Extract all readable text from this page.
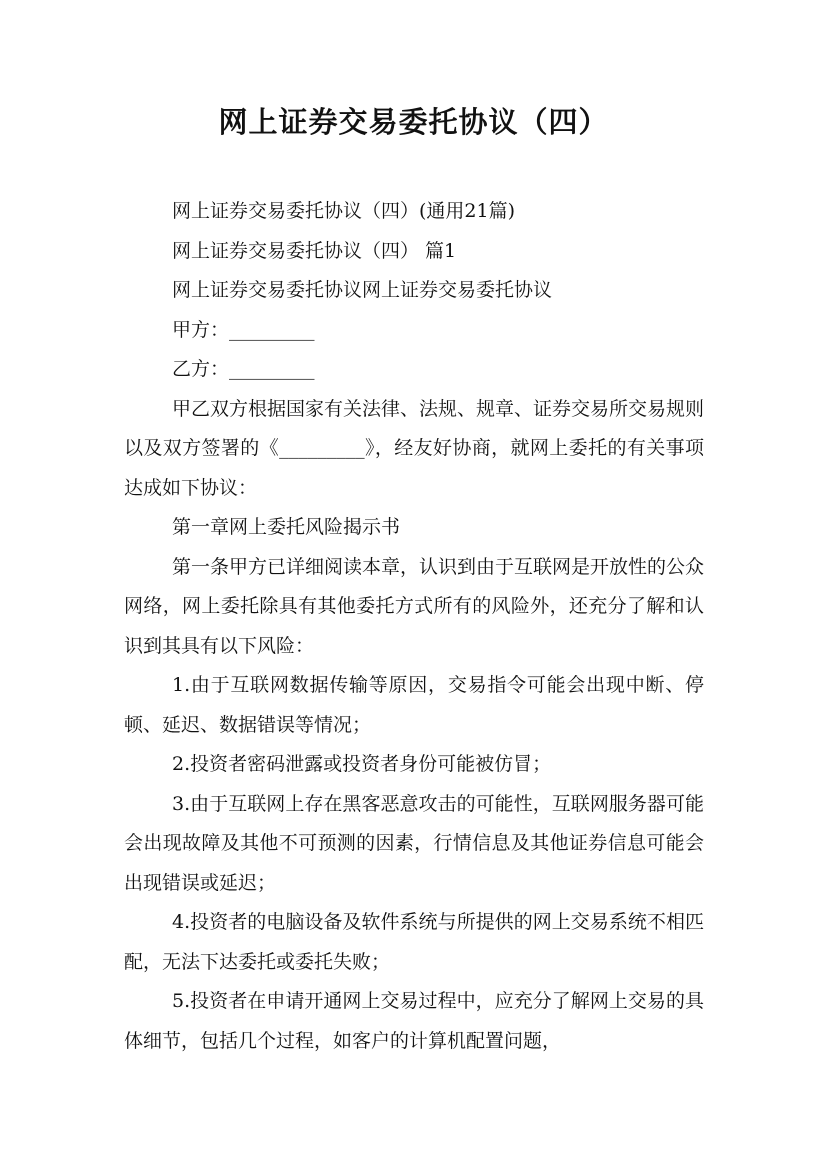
网上证券交易委托协议（四）

网上证券交易委托协议（四）(通用21篇)

网上证券交易委托协议（四） 篇1

网上证券交易委托协议网上证券交易委托协议

甲方：_________

乙方：_________

甲乙双方根据国家有关法律、法规、规章、证券交易所交易规则以及双方签署的《_________》，经友好协商，就网上委托的有关事项达成如下协议：

第一章网上委托风险揭示书

第一条甲方已详细阅读本章，认识到由于互联网是开放性的公众网络，网上委托除具有其他委托方式所有的风险外，还充分了解和认识到其具有以下风险：

1.由于互联网数据传输等原因，交易指令可能会出现中断、停顿、延迟、数据错误等情况；

2.投资者密码泄露或投资者身份可能被仿冒；

3.由于互联网上存在黑客恶意攻击的可能性，互联网服务器可能会出现故障及其他不可预测的因素，行情信息及其他证券信息可能会出现错误或延迟；

4.投资者的电脑设备及软件系统与所提供的网上交易系统不相匹配，无法下达委托或委托失败；

5.投资者在申请开通网上交易过程中，应充分了解网上交易的具体细节，包括几个过程，如客户的计算机配置问题，
